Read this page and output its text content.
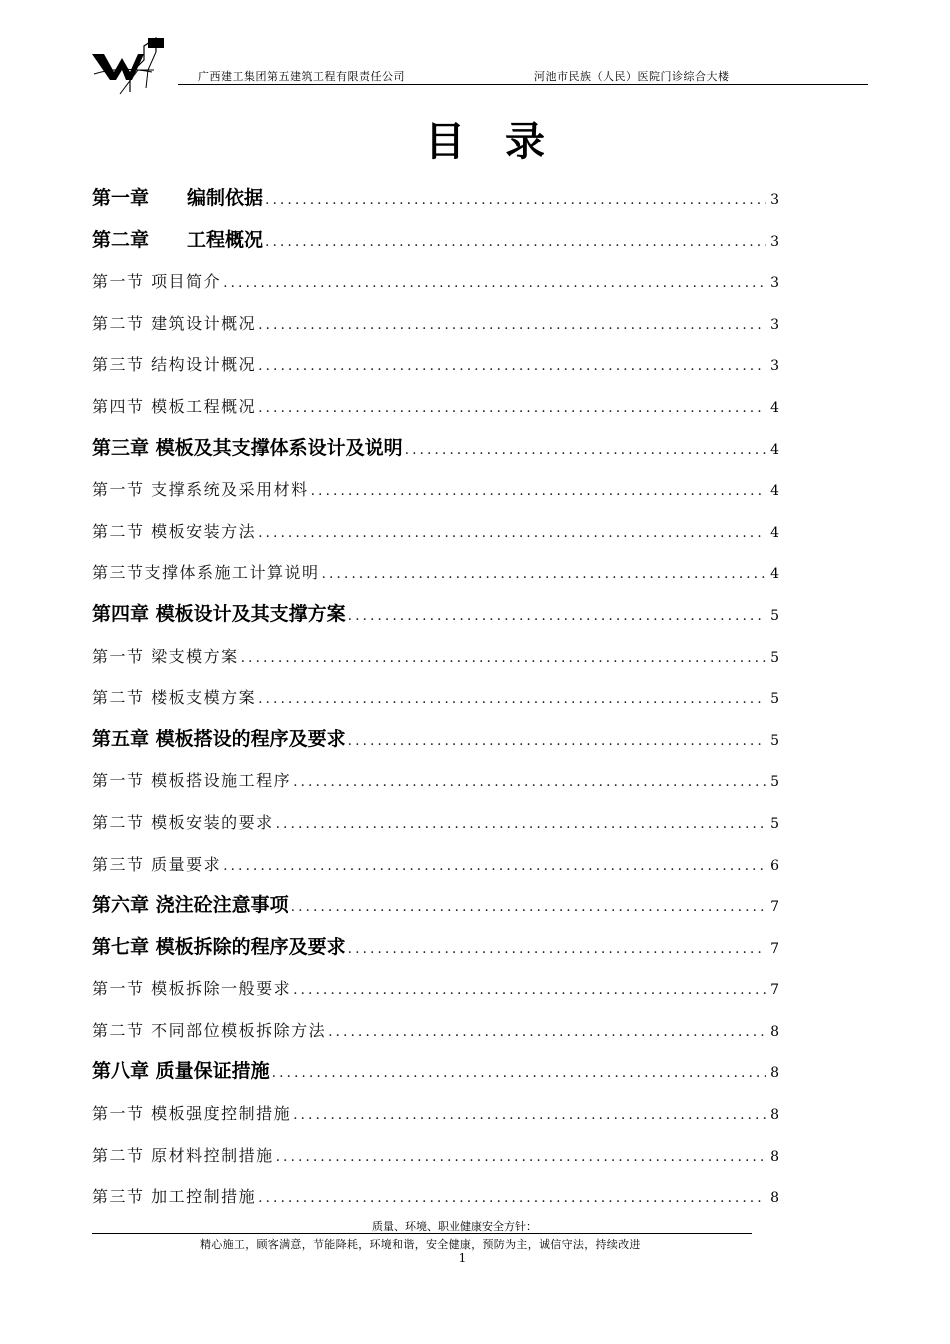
广西建工集团第五建筑工程有限责任公司	河池市民族（人民）医院门诊综合大楼
目录
第一章　　编制依据 .....	3
第二章　　工程概况 .....	3
第一节 项目简介 .....	3
第二节 建筑设计概况 .....	3
第三节 结构设计概况 .....	3
第四节 模板工程概况 .....	4
第三章 模板及其支撑体系设计及说明 .....	4
第一节 支撑系统及采用材料 .....	4
第二节 模板安装方法 .....	4
第三节支撑体系施工计算说明 .....	4
第四章 模板设计及其支撑方案 .....	5
第一节 梁支模方案 .....	5
第二节 楼板支模方案 .....	5
第五章 模板搭设的程序及要求 .....	5
第一节 模板搭设施工程序 .....	5
第二节 模板安装的要求 .....	5
第三节 质量要求 .....	6
第六章 浇注砼注意事项 .....	7
第七章 模板拆除的程序及要求 .....	7
第一节 模板拆除一般要求 .....	7
第二节 不同部位模板拆除方法 .....	8
第八章 质量保证措施 .....	8
第一节 模板强度控制措施 .....	8
第二节 原材料控制措施 .....	8
第三节 加工控制措施 .....	8
质量、环境、职业健康安全方针：
精心施工，顾客满意，节能降耗，环境和谐，安全健康，预防为主，诚信守法，持续改进
1
